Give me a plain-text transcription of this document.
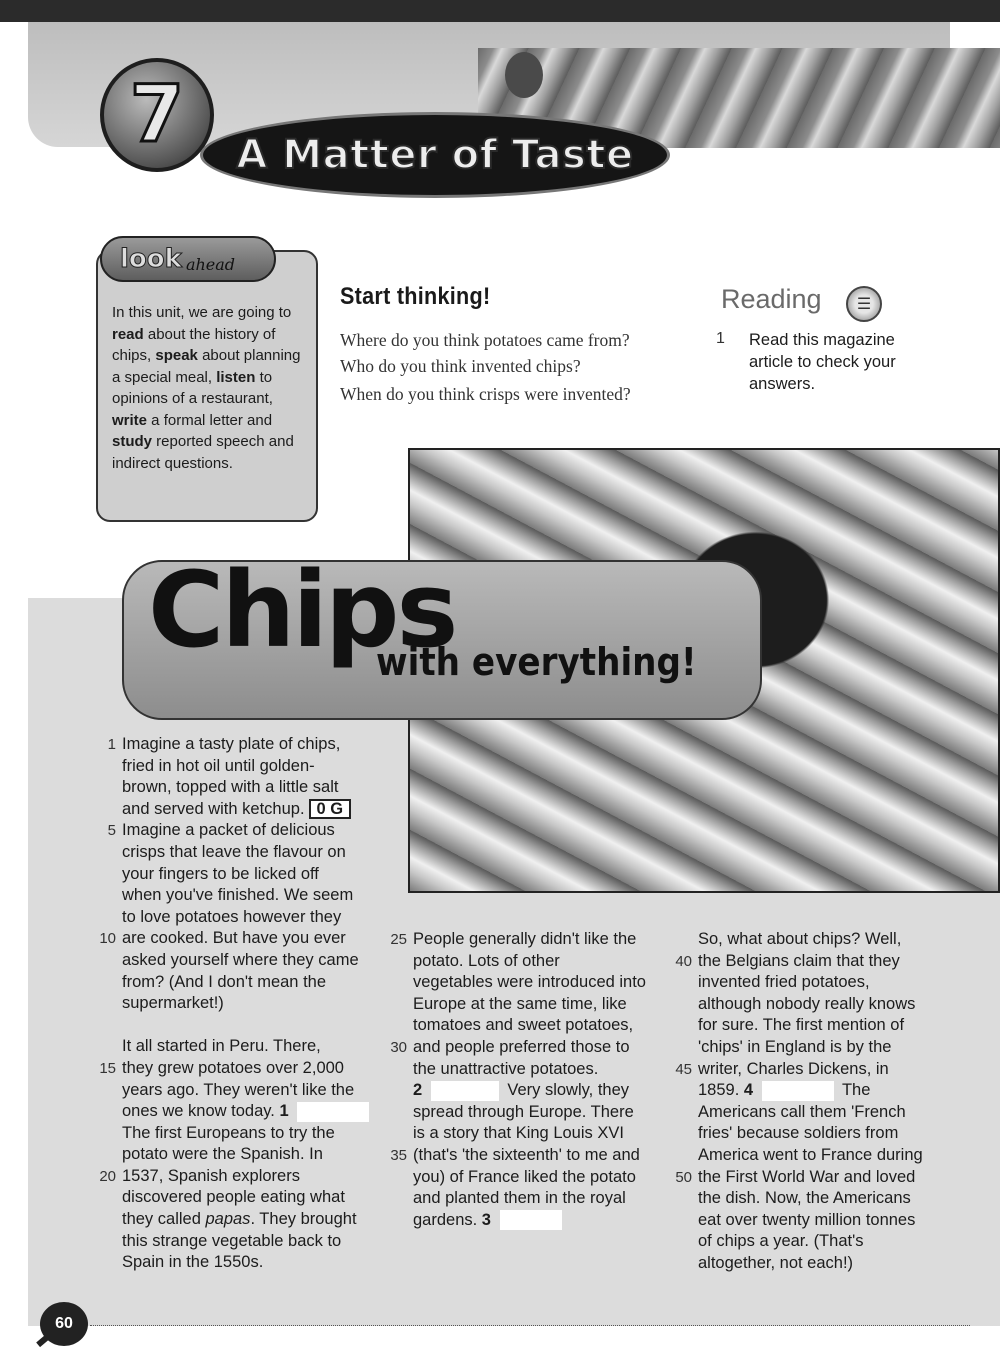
7	A Matter of Taste
In this unit, we are going to read about the history of chips, speak about planning a special meal, listen to opinions of a restaurant, write a formal letter and study reported speech and indirect questions.
look ahead
Start thinking!
Where do you think potatoes came from?
Who do you think invented chips?
When do you think crisps were invented?
Reading	☰
1 Read this magazine article to check your answers.
Chips
with everything!
1 Imagine a tasty plate of chips,
fried in hot oil until golden-
brown, topped with a little salt
and served with ketchup. 0 G
5 Imagine a packet of delicious
crisps that leave the flavour on
your fingers to be licked off
when you've finished. We seem
to love potatoes however they
10 are cooked. But have you ever
asked yourself where they came
from? (And I don't mean the
supermarket!)
It all started in Peru. There,
15 they grew potatoes over 2,000
years ago. They weren't like the
ones we know today. 1
The first Europeans to try the
potato were the Spanish. In
20 1537, Spanish explorers
discovered people eating what
they called papas. They brought
this strange vegetable back to
Spain in the 1550s.
25 People generally didn't like the
potato. Lots of other
vegetables were introduced into
Europe at the same time, like
tomatoes and sweet potatoes,
30 and people preferred those to
the unattractive potatoes.
2	Very slowly, they
spread through Europe. There
is a story that King Louis XVI
35 (that's 'the sixteenth' to me and
you) of France liked the potato
and planted them in the royal
gardens. 3
So, what about chips? Well,
40 the Belgians claim that they
invented fried potatoes,
although nobody really knows
for sure. The first mention of
'chips' in England is by the
45 writer, Charles Dickens, in
1859. 4	The
Americans call them 'French
fries' because soldiers from
America went to France during
50 the First World War and loved
the dish. Now, the Americans
eat over twenty million tonnes
of chips a year. (That's
altogether, not each!)
60
